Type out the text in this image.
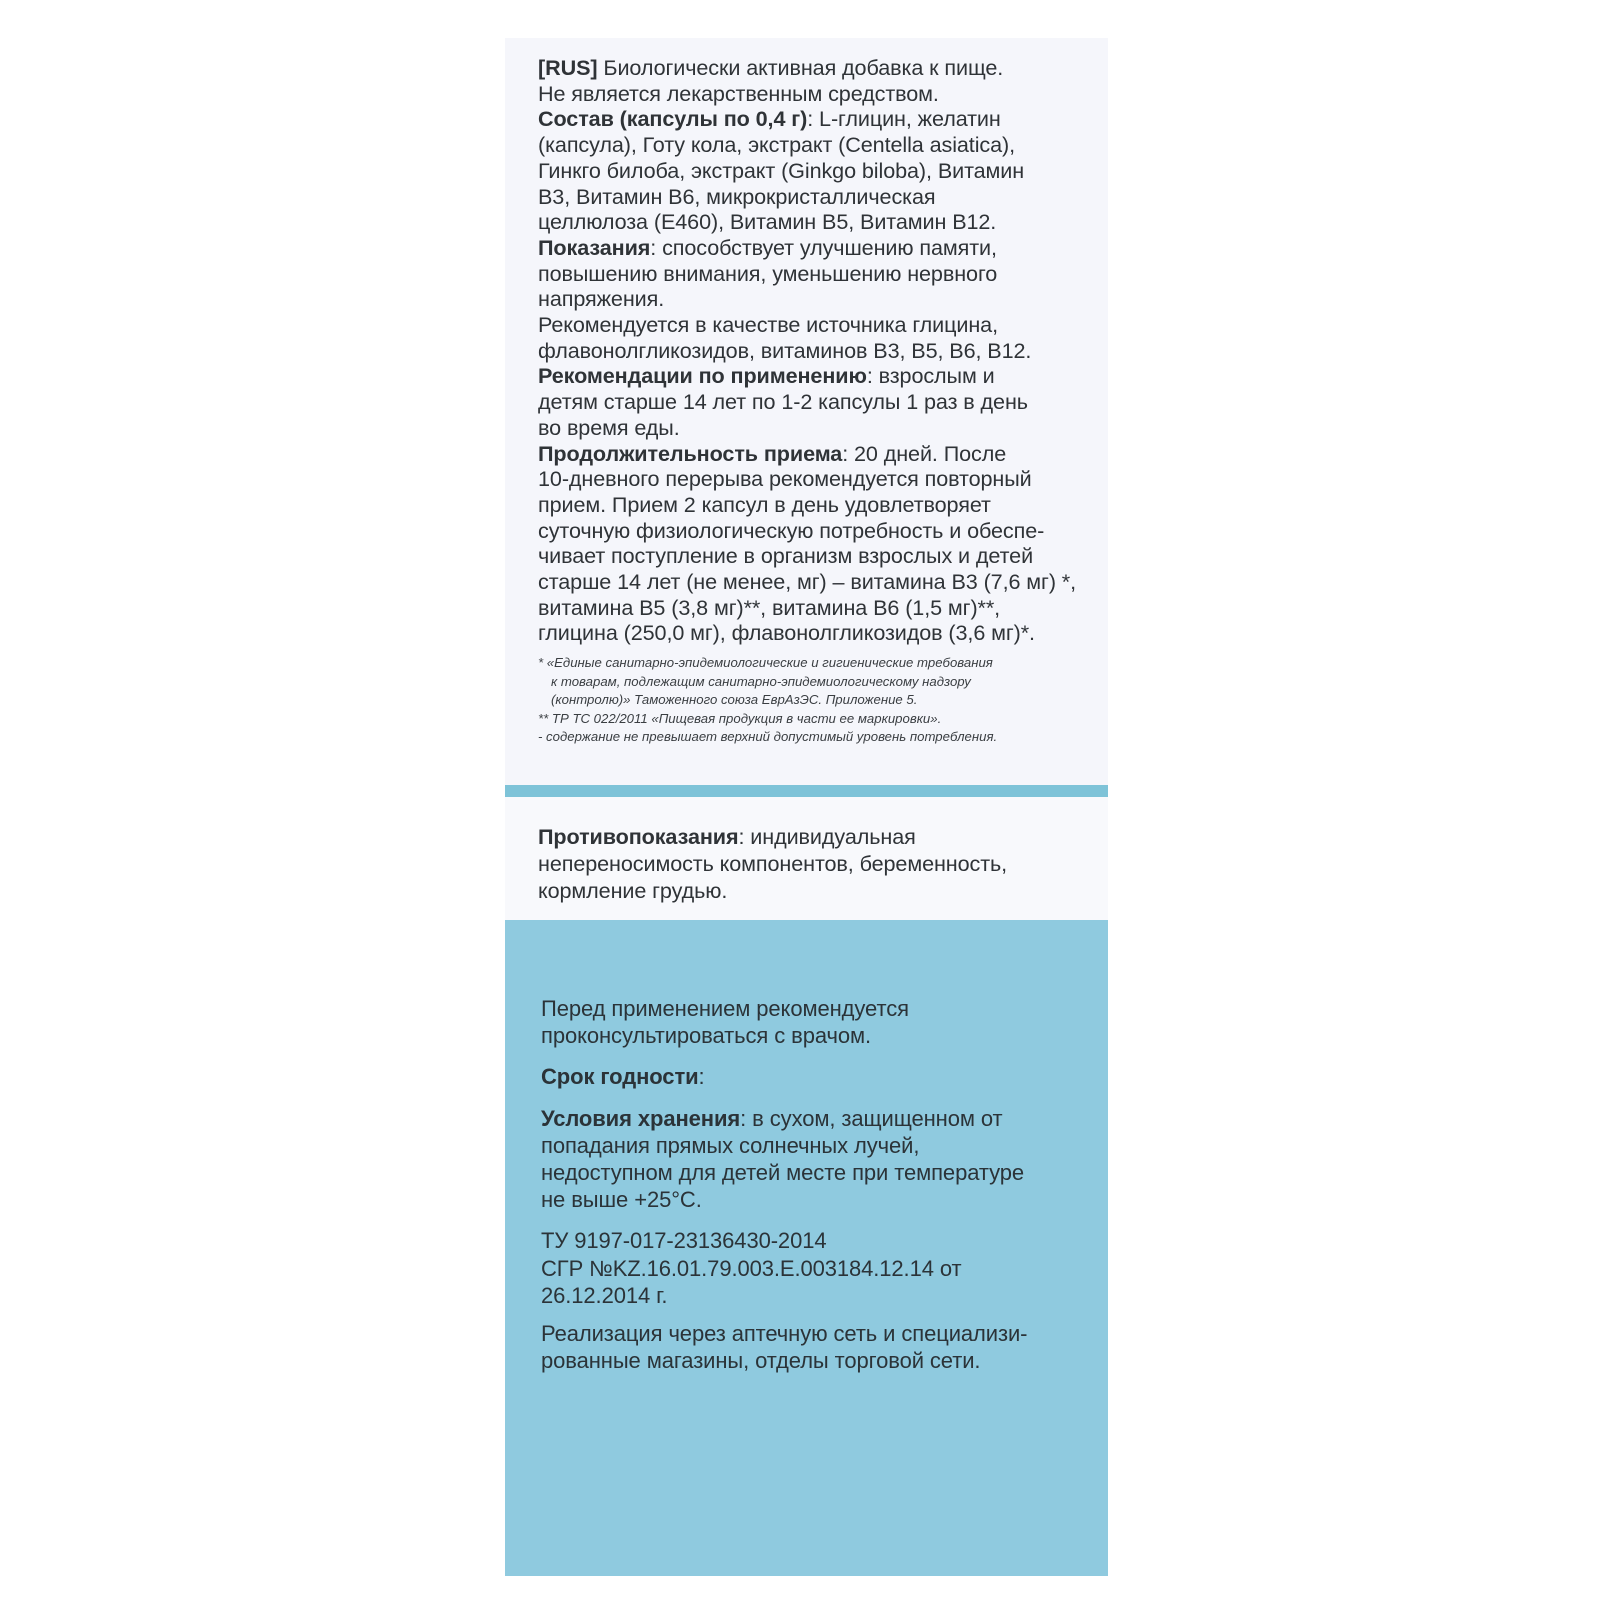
[RUS] Биологически активная добавка к пище.

Не является лекарственным средством.

Состав (капсулы по 0,4 г): L-глицин, желатин

(капсула), Готу кола, экстракт (Centella asiatica),

Гинкго билоба, экстракт (Ginkgo biloba), Витамин

В3, Витамин В6, микрокристаллическая

целлюлоза (Е460), Витамин В5, Витамин В12.

Показания: способствует улучшению памяти,

повышению внимания, уменьшению нервного

напряжения.

Рекомендуется в качестве источника глицина,

флавонолгликозидов, витаминов В3, В5, В6, В12.

Рекомендации по применению: взрослым и

детям старше 14 лет по 1-2 капсулы 1 раз в день

во время еды.

Продолжительность приема: 20 дней. После

10-дневного перерыва рекомендуется повторный

прием. Прием 2 капсул в день удовлетворяет

суточную физиологическую потребность и обеспе-

чивает поступление в организм взрослых и детей

старше 14 лет (не менее, мг) – витамина В3 (7,6 мг) *,

витамина В5 (3,8 мг)**, витамина В6 (1,5 мг)**,

глицина (250,0 мг), флавонолгликозидов (3,6 мг)*.

* «Единые санитарно-эпидемиологические и гигиенические требования

к товарам, подлежащим санитарно-эпидемиологическому надзору

(контролю)» Таможенного союза ЕврАзЭС. Приложение 5.

** ТР ТС 022/2011 «Пищевая продукция в части ее маркировки».

- содержание не превышает верхний допустимый уровень потребления.

Противопоказания: индивидуальная

непереносимость компонентов, беременность,

кормление грудью.

Перед применением рекомендуется

проконсультироваться с врачом.

Срок годности:

Условия хранения: в сухом, защищенном от

попадания прямых солнечных лучей,

недоступном для детей месте при температуре

не выше +25°С.

ТУ 9197-017-23136430-2014

СГР №KZ.16.01.79.003.Е.003184.12.14 от

26.12.2014 г.

Реализация через аптечную сеть и специализи-

рованные магазины, отделы торговой сети.
